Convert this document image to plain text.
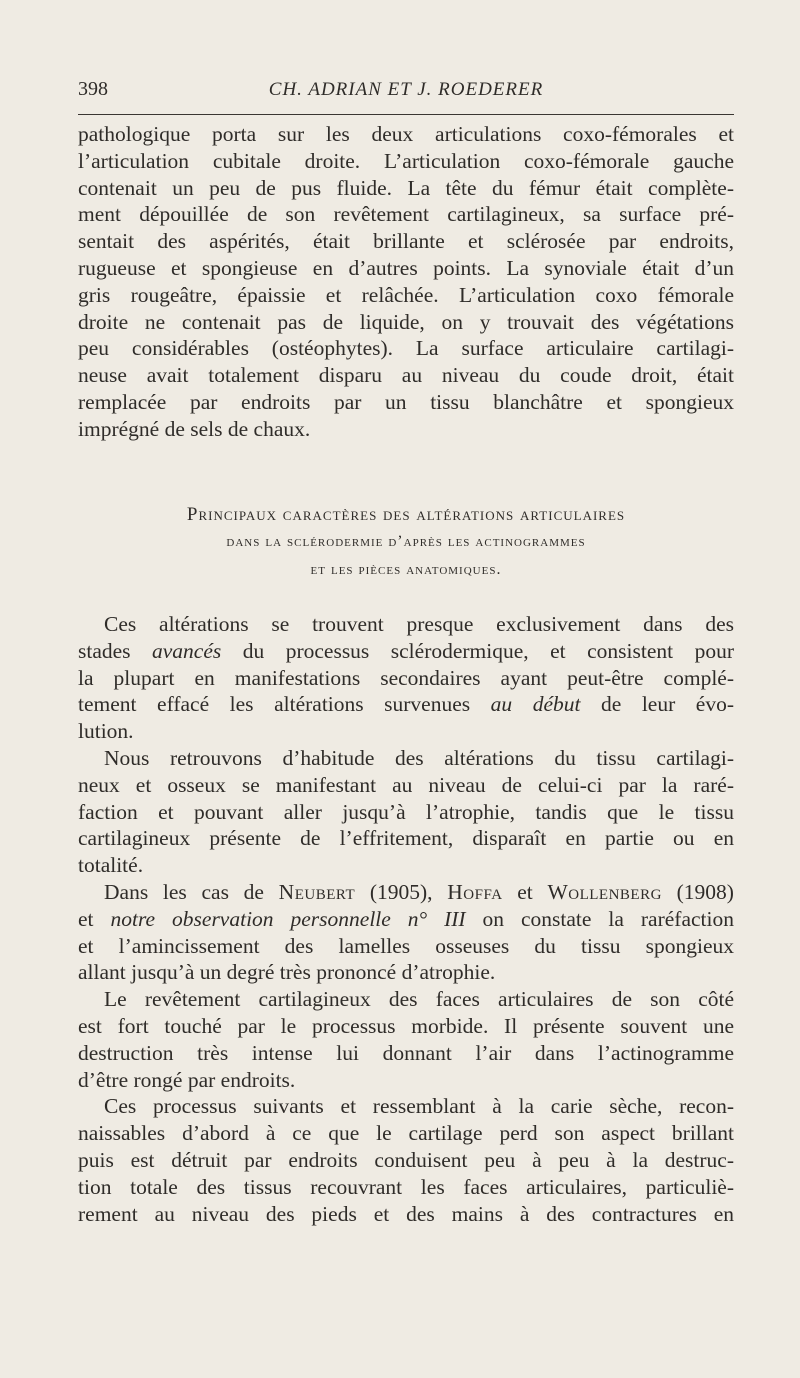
398	CH. ADRIAN ET J. ROEDERER
pathologique porta sur les deux articulations coxo-fémorales et
l’articulation cubitale droite. L’articulation coxo-fémorale gauche
contenait un peu de pus fluide. La tête du fémur était complète-
ment dépouillée de son revêtement cartilagineux, sa surface pré-
sentait des aspérités, était brillante et sclérosée par endroits,
rugueuse et spongieuse en d’autres points. La synoviale était d’un
gris rougeâtre, épaissie et relâchée. L’articulation coxo fémorale
droite ne contenait pas de liquide, on y trouvait des végétations
peu considérables (ostéophytes). La surface articulaire cartilagi-
neuse avait totalement disparu au niveau du coude droit, était
remplacée par endroits par un tissu blanchâtre et spongieux
imprégné de sels de chaux.
Principaux caractères des altérations articulaires
dans la sclérodermie d’après les actinogrammes
et les pièces anatomiques.
Ces altérations se trouvent presque exclusivement dans des
stades avancés du processus sclérodermique, et consistent pour
la plupart en manifestations secondaires ayant peut-être complé-
tement effacé les altérations survenues au début de leur évo-
lution.
Nous retrouvons d’habitude des altérations du tissu cartilagi-
neux et osseux se manifestant au niveau de celui-ci par la raré-
faction et pouvant aller jusqu’à l’atrophie, tandis que le tissu
cartilagineux présente de l’effritement, disparaît en partie ou en
totalité.
Dans les cas de Neubert (1905), Hoffa et Wollenberg (1908)
et notre observation personnelle n° III on constate la raréfaction
et l’amincissement des lamelles osseuses du tissu spongieux
allant jusqu’à un degré très prononcé d’atrophie.
Le revêtement cartilagineux des faces articulaires de son côté
est fort touché par le processus morbide. Il présente souvent une
destruction très intense lui donnant l’air dans l’actinogramme
d’être rongé par endroits.
Ces processus suivants et ressemblant à la carie sèche, recon-
naissables d’abord à ce que le cartilage perd son aspect brillant
puis est détruit par endroits conduisent peu à peu à la destruc-
tion totale des tissus recouvrant les faces articulaires, particuliè-
rement au niveau des pieds et des mains à des contractures en
